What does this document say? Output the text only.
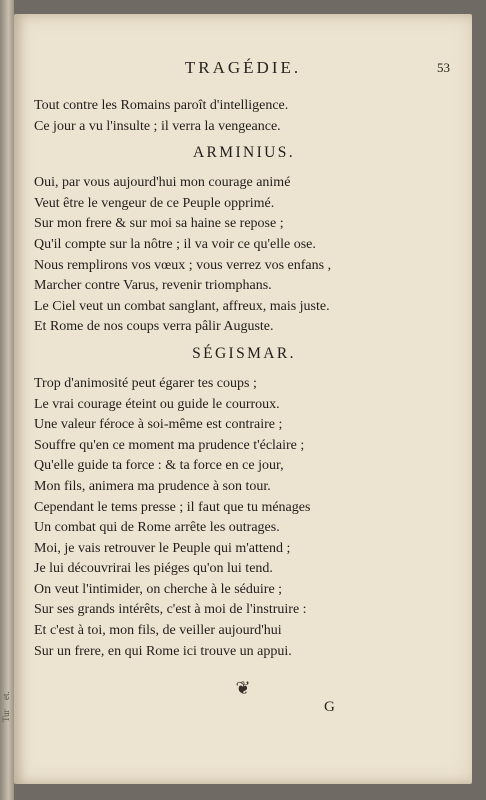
et.
Tur
TRAGÉDIE.	53

Tout contre les Romains paroît d'intelligence.

Ce jour a vu l'insulte ; il verra la vengeance.

ARMINIUS.

Oui, par vous aujourd'hui mon courage animé

Veut être le vengeur de ce Peuple opprimé.

Sur mon frere & sur moi sa haine se repose ;

Qu'il compte sur la nôtre ; il va voir ce qu'elle ose.

Nous remplirons vos vœux ; vous verrez vos enfans ,

Marcher contre Varus, revenir triomphans.

Le Ciel veut un combat sanglant, affreux, mais juste.

Et Rome de nos coups verra pâlir Auguste.

SÉGISMAR.

Trop d'animosité peut égarer tes coups ;

Le vrai courage éteint ou guide le courroux.

Une valeur féroce à soi-même est contraire ;

Souffre qu'en ce moment ma prudence t'éclaire ;

Qu'elle guide ta force : & ta force en ce jour,

Mon fils, animera ma prudence à son tour.

Cependant le tems presse ; il faut que tu ménages

Un combat qui de Rome arrête les outrages.

Moi, je vais retrouver le Peuple qui m'attend ;

Je lui découvrirai les piéges qu'on lui tend.

On veut l'intimider, on cherche à le séduire ;

Sur ses grands intérêts, c'est à moi de l'instruire :

Et c'est à toi, mon fils, de veiller aujourd'hui

Sur un frere, en qui Rome ici trouve un appui.

❦
G
